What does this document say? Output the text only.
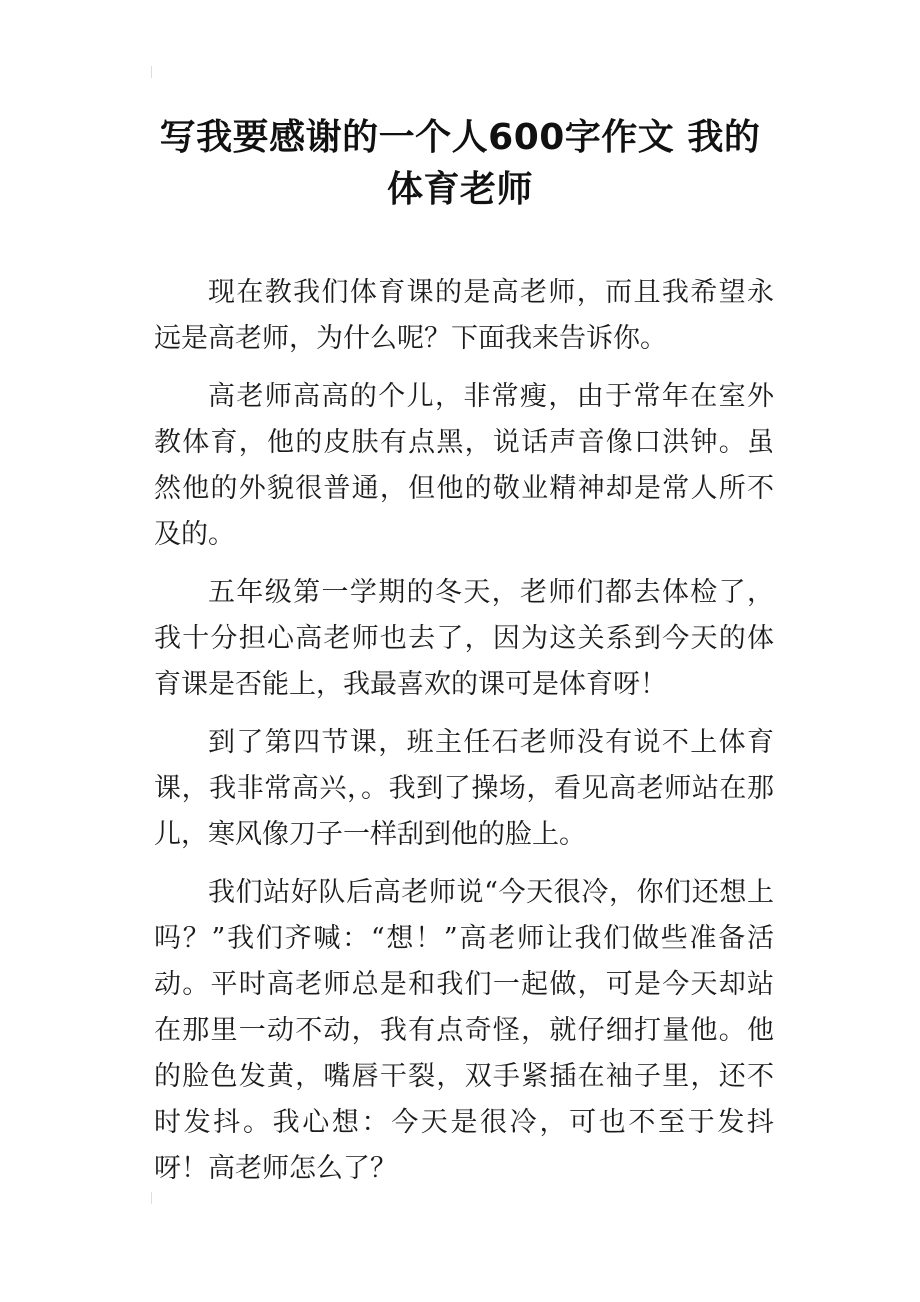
写我要感谢的一个人600字作文 我的
体育老师

现在教我们体育课的是高老师，而且我希望永远是高老师，为什么呢？下面我来告诉你。

高老师高高的个儿，非常瘦，由于常年在室外教体育，他的皮肤有点黑，说话声音像口洪钟。虽然他的外貌很普通，但他的敬业精神却是常人所不及的。

五年级第一学期的冬天，老师们都去体检了，我十分担心高老师也去了，因为这关系到今天的体育课是否能上，我最喜欢的课可是体育呀！

到了第四节课，班主任石老师没有说不上体育课，我非常高兴，。我到了操场，看见高老师站在那儿，寒风像刀子一样刮到他的脸上。

我们站好队后高老师说“今天很冷，你们还想上吗？”我们齐喊：“想！”高老师让我们做些准备活动。平时高老师总是和我们一起做，可是今天却站在那里一动不动，我有点奇怪，就仔细打量他。他的脸色发黄，嘴唇干裂，双手紧插在袖子里，还不时发抖。我心想：今天是很冷，可也不至于发抖呀！高老师怎么了？
